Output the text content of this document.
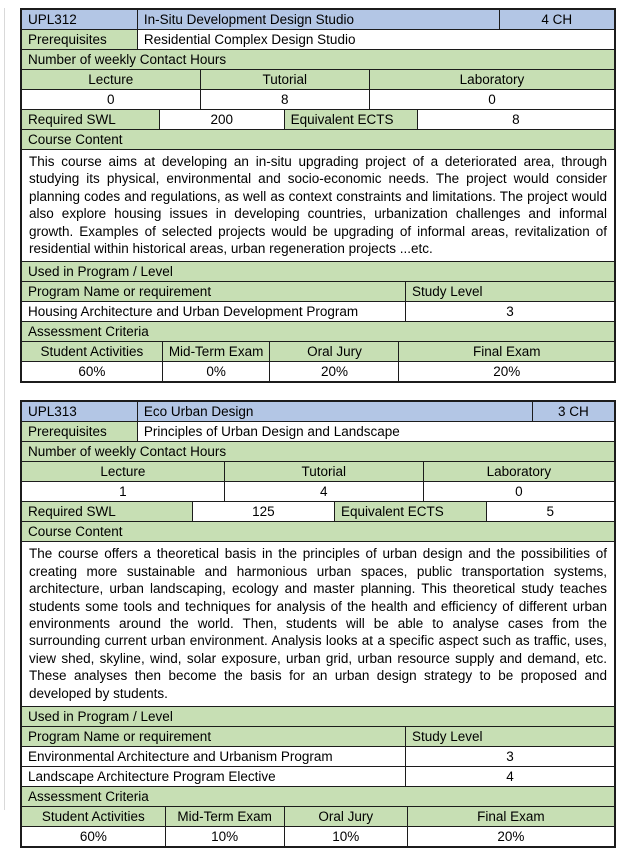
UPL312	In-Situ Development Design Studio	4 CH
Prerequisites	Residential Complex Design Studio
Number of weekly Contact Hours
Lecture	Tutorial	Laboratory
0	8	0
Required SWL	200	Equivalent ECTS	8
Course Content
This course aims at developing an in-situ upgrading project of a deteriorated area, through studying its physical, environmental and socio-economic needs. The project would consider planning codes and regulations, as well as context constraints and limitations. The project would also explore housing issues in developing countries, urbanization challenges and informal growth. Examples of selected projects would be upgrading of informal areas, revitalization of residential within historical areas, urban regeneration projects ...etc.
Used in Program / Level
Program Name or requirement	Study Level
Housing Architecture and Urban Development Program	3
Assessment Criteria
Student Activities	Mid-Term Exam	Oral Jury	Final Exam
60%	0%	20%	20%
UPL313	Eco Urban Design	3 CH
Prerequisites	Principles of Urban Design and Landscape
Number of weekly Contact Hours
Lecture	Tutorial	Laboratory
1	4	0
Required SWL	125	Equivalent ECTS	5
Course Content
The course offers a theoretical basis in the principles of urban design and the possibilities of creating more sustainable and harmonious urban spaces, public transportation systems, architecture, urban landscaping, ecology and master planning. This theoretical study teaches students some tools and techniques for analysis of the health and efficiency of different urban environments around the world. Then, students will be able to analyse cases from the surrounding current urban environment. Analysis looks at a specific aspect such as traffic, uses, view shed, skyline, wind, solar exposure, urban grid, urban resource supply and demand, etc. These analyses then become the basis for an urban design strategy to be proposed and developed by students.
Used in Program / Level
Program Name or requirement	Study Level
Environmental Architecture and Urbanism Program	3
Landscape Architecture Program Elective	4
Assessment Criteria
Student Activities	Mid-Term Exam	Oral Jury	Final Exam
60%	10%	10%	20%
